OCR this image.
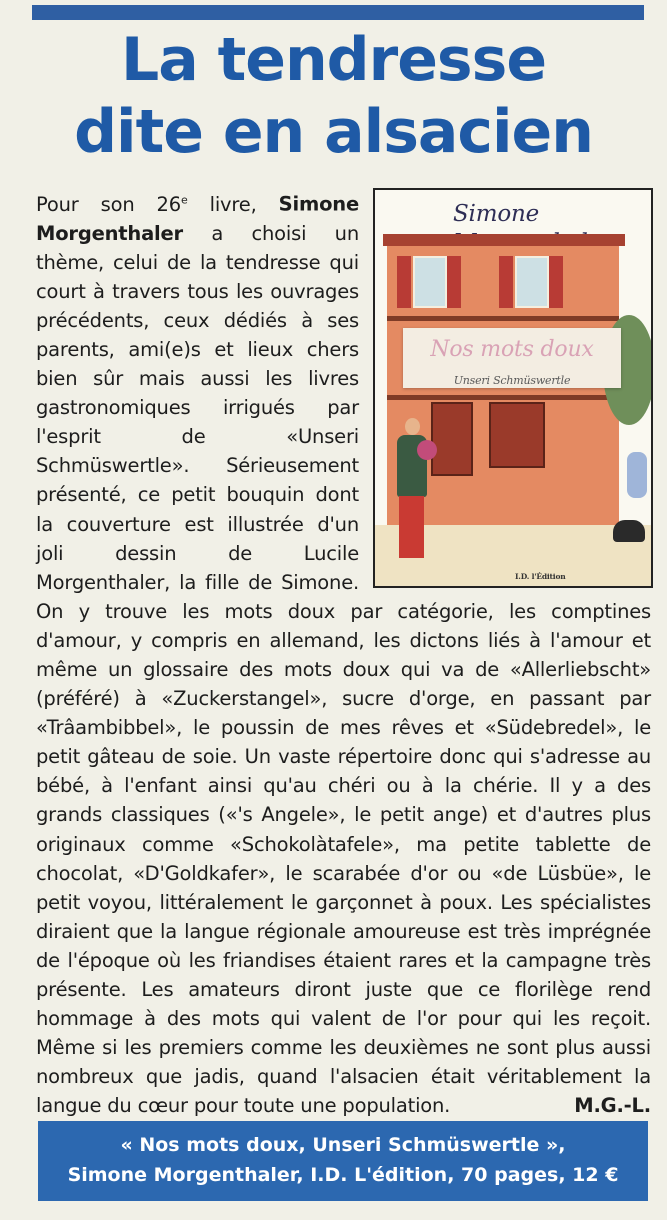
La tendresse
dite en alsacien
Simone
Nos mots doux
Unseri Schmüswertle
I.D. l'Édition
Pour son 26e livre, Simone Morgenthaler a choisi un thème, celui de la tendresse qui court à travers tous les ouvrages précédents, ceux dédiés à ses parents, ami(e)s et lieux chers bien sûr mais aussi les livres gastronomiques irrigués par l'esprit de «Unseri Schmüswertle». Sérieusement présenté, ce petit bouquin dont la couverture est illustrée d'un joli dessin de Lucile Morgenthaler, la fille de Simone. On y trouve les mots doux par catégorie, les comptines d'amour, y compris en allemand, les dictons liés à l'amour et même un glossaire des mots doux qui va de «Allerliebscht» (préféré) à «Zuckerstangel», sucre d'orge, en passant par «Trâambibbel», le poussin de mes rêves et «Südebredel», le petit gâteau de soie. Un vaste répertoire donc qui s'adresse au bébé, à l'enfant ainsi qu'au chéri ou à la chérie. Il y a des grands classiques («'s Angele», le petit ange) et d'autres plus originaux comme «Schokolàtafele», ma petite tablette de chocolat, «D'Goldkafer», le scarabée d'or ou «de Lüsbüe», le petit voyou, littéralement le garçonnet à poux. Les spécialistes diraient que la langue régionale amoureuse est très imprégnée de l'époque où les friandises étaient rares et la campagne très présente. Les amateurs diront juste que ce florilège rend hommage à des mots qui valent de l'or pour qui les reçoit. Même si les premiers comme les deuxièmes ne sont plus aussi nombreux que jadis, quand l'alsacien était véritablement la langue du cœur pour toute une population.	M.G.-L.
« Nos mots doux, Unseri Schmüswertle »,
Simone Morgenthaler, I.D. L'édition, 70 pages, 12 €
